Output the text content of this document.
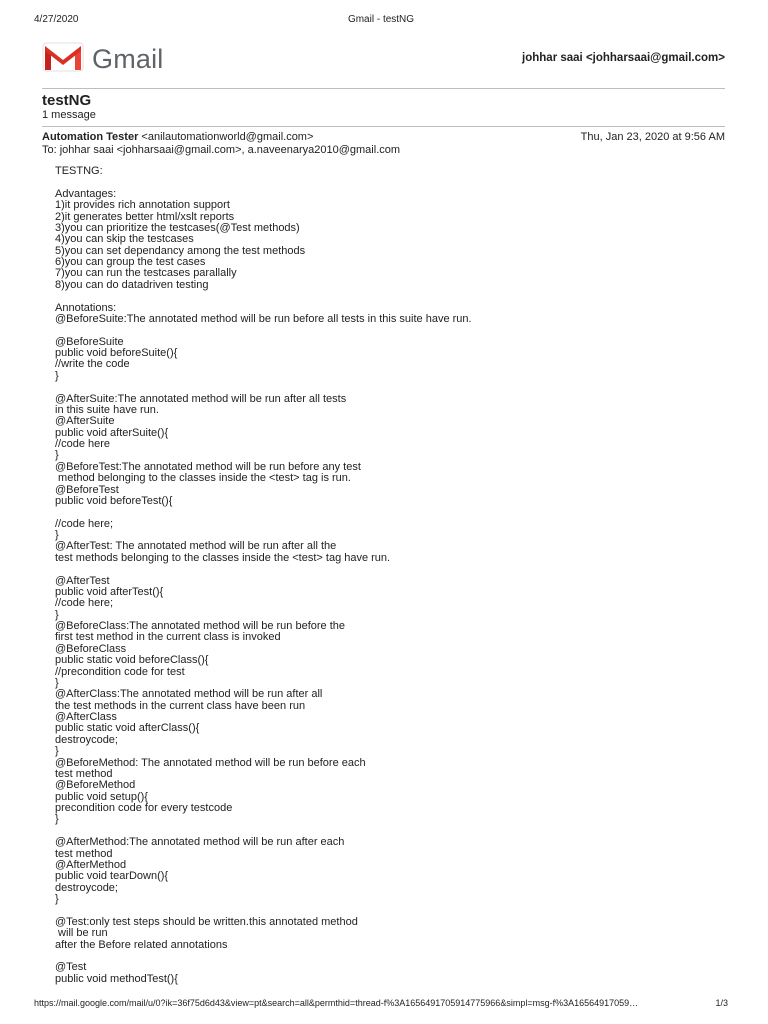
4/27/2020	Gmail - testNG
Gmail	johhar saai <johharsaai@gmail.com>
testNG
1 message
Automation Tester <anilautomationworld@gmail.com>	Thu, Jan 23, 2020 at 9:56 AM
To: johhar saai <johharsaai@gmail.com>, a.naveenarya2010@gmail.com
TESTNG:
Advantages:
1)it provides rich annotation support
2)it generates better html/xslt reports
3)you can prioritize the testcases(@Test methods)
4)you can skip the testcases
5)you can set dependancy among the test methods
6)you can group the test cases
7)you can run the testcases parallally
8)you can do datadriven testing
Annotations:
@BeforeSuite:The annotated method will be run before all tests in this suite have run.
@BeforeSuite
public void beforeSuite(){
//write the code
}
@AfterSuite:The annotated method will be run after all tests
in this suite have run.
@AfterSuite
public void afterSuite(){
//code here
}
@BeforeTest:The annotated method will be run before any test
method belonging to the classes inside the <test> tag is run.
@BeforeTest
public void beforeTest(){
//code here;
}
@AfterTest: The annotated method will be run after all the
test methods belonging to the classes inside the <test> tag have run.
@AfterTest
public void afterTest(){
//code here;
}
@BeforeClass:The annotated method will be run before the
first test method in the current class is invoked
@BeforeClass
public static void beforeClass(){
//precondition code for test
}
@AfterClass:The annotated method will be run after all
the test methods in the current class have been run
@AfterClass
public static void afterClass(){
destroycode;
}
@BeforeMethod: The annotated method will be run before each
test method
@BeforeMethod
public void setup(){
precondition code for every testcode
}
@AfterMethod:The annotated method will be run after each
test method
@AfterMethod
public void tearDown(){
destroycode;
}
@Test:only test steps should be written.this annotated method
will be run
after the Before related annotations
@Test
public void methodTest(){
https://mail.google.com/mail/u/0?ik=36f75d6d43&view=pt&search=all&permthid=thread-f%3A1656491705914775966&simpl=msg-f%3A16564917059…	1/3
